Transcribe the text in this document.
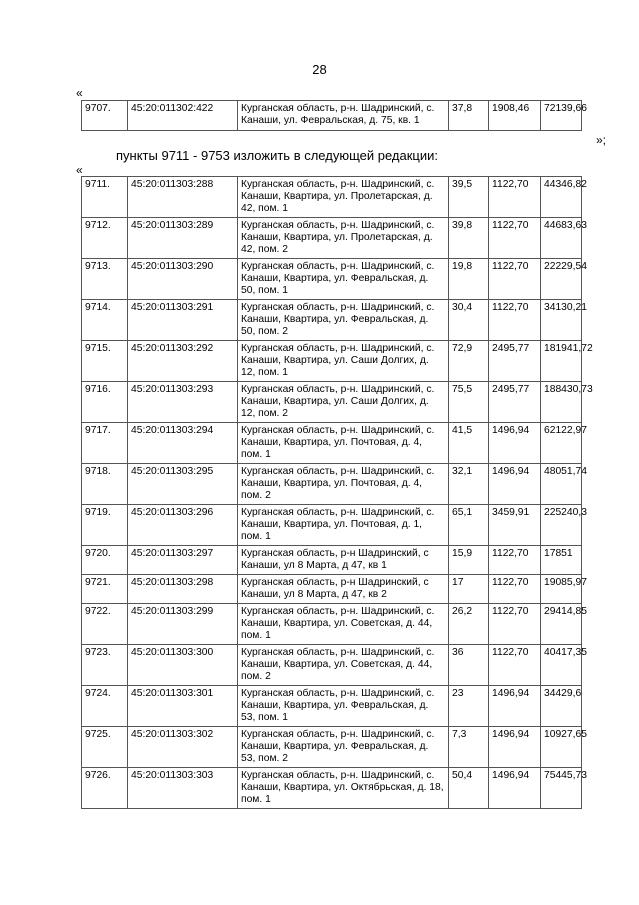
28
«
9707.	45:20:011302:422	Курганская область, р-н. Шадринский, с. Канаши, ул. Февральская, д. 75, кв. 1	37,8	1908,46	72139,66
»;
пункты 9711 - 9753 изложить в следующей редакции:
«
9711.	45:20:011303:288	Курганская область, р-н. Шадринский, с. Канаши, Квартира, ул. Пролетарская, д. 42, пом. 1	39,5	1122,70	44346,82
9712.	45:20:011303:289	Курганская область, р-н. Шадринский, с. Канаши, Квартира, ул. Пролетарская, д. 42, пом. 2	39,8	1122,70	44683,63
9713.	45:20:011303:290	Курганская область, р-н. Шадринский, с. Канаши, Квартира, ул. Февральская, д. 50, пом. 1	19,8	1122,70	22229,54
9714.	45:20:011303:291	Курганская область, р-н. Шадринский, с. Канаши, Квартира, ул. Февральская, д. 50, пом. 2	30,4	1122,70	34130,21
9715.	45:20:011303:292	Курганская область, р-н. Шадринский, с. Канаши, Квартира, ул. Саши Долгих, д. 12, пом. 1	72,9	2495,77	181941,72
9716.	45:20:011303:293	Курганская область, р-н. Шадринский, с. Канаши, Квартира, ул. Саши Долгих, д. 12, пом. 2	75,5	2495,77	188430,73
9717.	45:20:011303:294	Курганская область, р-н. Шадринский, с. Канаши, Квартира, ул. Почтовая, д. 4, пом. 1	41,5	1496,94	62122,97
9718.	45:20:011303:295	Курганская область, р-н. Шадринский, с. Канаши, Квартира, ул. Почтовая, д. 4, пом. 2	32,1	1496,94	48051,74
9719.	45:20:011303:296	Курганская область, р-н. Шадринский, с. Канаши, Квартира, ул. Почтовая, д. 1, пом. 1	65,1	3459,91	225240,3
9720.	45:20:011303:297	Курганская область, р-н Шадринский, с Канаши, ул 8 Марта, д 47, кв 1	15,9	1122,70	17851
9721.	45:20:011303:298	Курганская область, р-н Шадринский, с Канаши, ул 8 Марта, д 47, кв 2	17	1122,70	19085,97
9722.	45:20:011303:299	Курганская область, р-н. Шадринский, с. Канаши, Квартира, ул. Советская, д. 44, пом. 1	26,2	1122,70	29414,85
9723.	45:20:011303:300	Курганская область, р-н. Шадринский, с. Канаши, Квартира, ул. Советская, д. 44, пом. 2	36	1122,70	40417,35
9724.	45:20:011303:301	Курганская область, р-н. Шадринский, с. Канаши, Квартира, ул. Февральская, д. 53, пом. 1	23	1496,94	34429,6
9725.	45:20:011303:302	Курганская область, р-н. Шадринский, с. Канаши, Квартира, ул. Февральская, д. 53, пом. 2	7,3	1496,94	10927,65
9726.	45:20:011303:303	Курганская область, р-н. Шадринский, с. Канаши, Квартира, ул. Октябрьская, д. 18, пом. 1	50,4	1496,94	75445,73
